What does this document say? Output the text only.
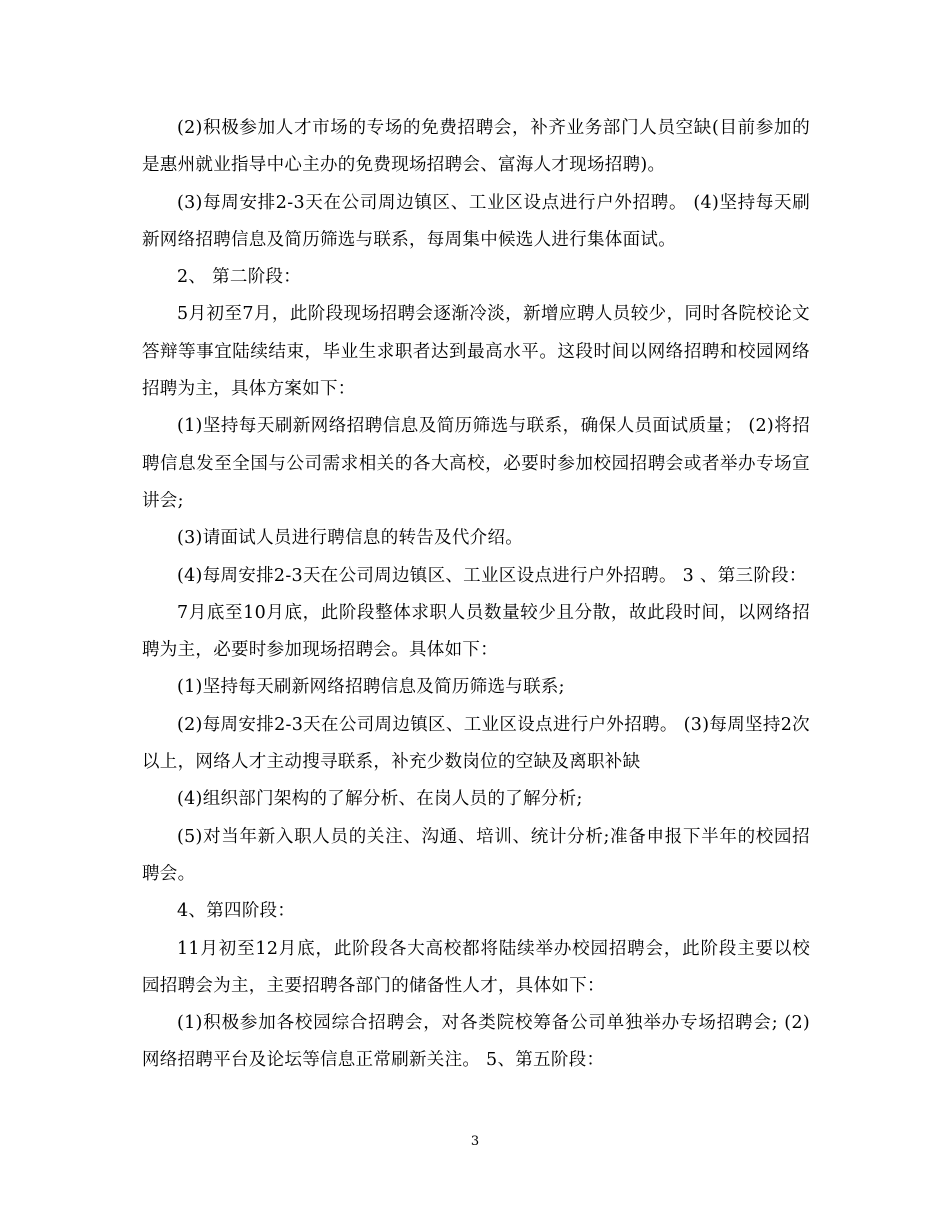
(2)积极参加人才市场的专场的免费招聘会，补齐业务部门人员空缺(目前参加的是惠州就业指导中心主办的免费现场招聘会、富海人才现场招聘)。

(3)每周安排2-3天在公司周边镇区、工业区设点进行户外招聘。 (4)坚持每天刷新网络招聘信息及简历筛选与联系，每周集中候选人进行集体面试。

2、 第二阶段：

5月初至7月，此阶段现场招聘会逐渐冷淡，新增应聘人员较少，同时各院校论文答辩等事宜陆续结束，毕业生求职者达到最高水平。这段时间以网络招聘和校园网络招聘为主，具体方案如下：

(1)坚持每天刷新网络招聘信息及简历筛选与联系，确保人员面试质量； (2)将招聘信息发至全国与公司需求相关的各大高校，必要时参加校园招聘会或者举办专场宣讲会;

(3)请面试人员进行聘信息的转告及代介绍。

(4)每周安排2-3天在公司周边镇区、工业区设点进行户外招聘。 3 、第三阶段：

7月底至10月底，此阶段整体求职人员数量较少且分散，故此段时间，以网络招聘为主，必要时参加现场招聘会。具体如下：

(1)坚持每天刷新网络招聘信息及简历筛选与联系;

(2)每周安排2-3天在公司周边镇区、工业区设点进行户外招聘。 (3)每周坚持2次以上，网络人才主动搜寻联系，补充少数岗位的空缺及离职补缺

(4)组织部门架构的了解分析、在岗人员的了解分析;

(5)对当年新入职人员的关注、沟通、培训、统计分析;准备申报下半年的校园招聘会。

4、第四阶段：

11月初至12月底，此阶段各大高校都将陆续举办校园招聘会，此阶段主要以校园招聘会为主，主要招聘各部门的储备性人才，具体如下：

(1)积极参加各校园综合招聘会，对各类院校筹备公司单独举办专场招聘会; (2)网络招聘平台及论坛等信息正常刷新关注。 5、第五阶段：

3
